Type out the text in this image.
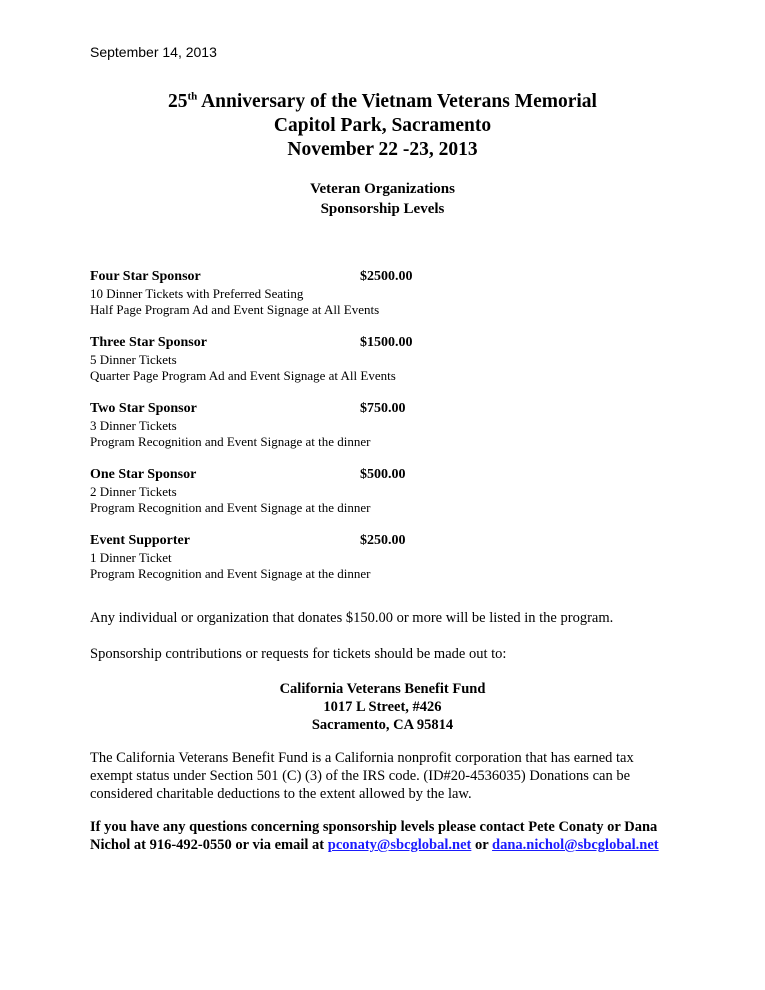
September 14, 2013
25th Anniversary of the Vietnam Veterans Memorial
Capitol Park, Sacramento
November 22 -23, 2013
Veteran Organizations
Sponsorship Levels
Four Star Sponsor	$2500.00
10 Dinner Tickets with Preferred Seating
Half Page Program Ad and Event Signage at All Events
Three Star Sponsor	$1500.00
5 Dinner Tickets
Quarter Page Program Ad and Event Signage at All Events
Two Star Sponsor	$750.00
3 Dinner Tickets
Program Recognition and Event Signage at the dinner
One Star Sponsor	$500.00
2 Dinner Tickets
Program Recognition and Event Signage at the dinner
Event Supporter	$250.00
1 Dinner Ticket
Program Recognition and Event Signage at the dinner
Any individual or organization that donates $150.00 or more will be listed in the program.
Sponsorship contributions or requests for tickets should be made out to:
California Veterans Benefit Fund
1017 L Street, #426
Sacramento, CA 95814
The California Veterans Benefit Fund is a California nonprofit corporation that has earned tax exempt status under Section 501 (C) (3) of the IRS code. (ID#20-4536035) Donations can be considered charitable deductions to the extent allowed by the law.
If you have any questions concerning sponsorship levels please contact Pete Conaty or Dana Nichol at 916-492-0550 or via email at pconaty@sbcglobal.net or dana.nichol@sbcglobal.net
